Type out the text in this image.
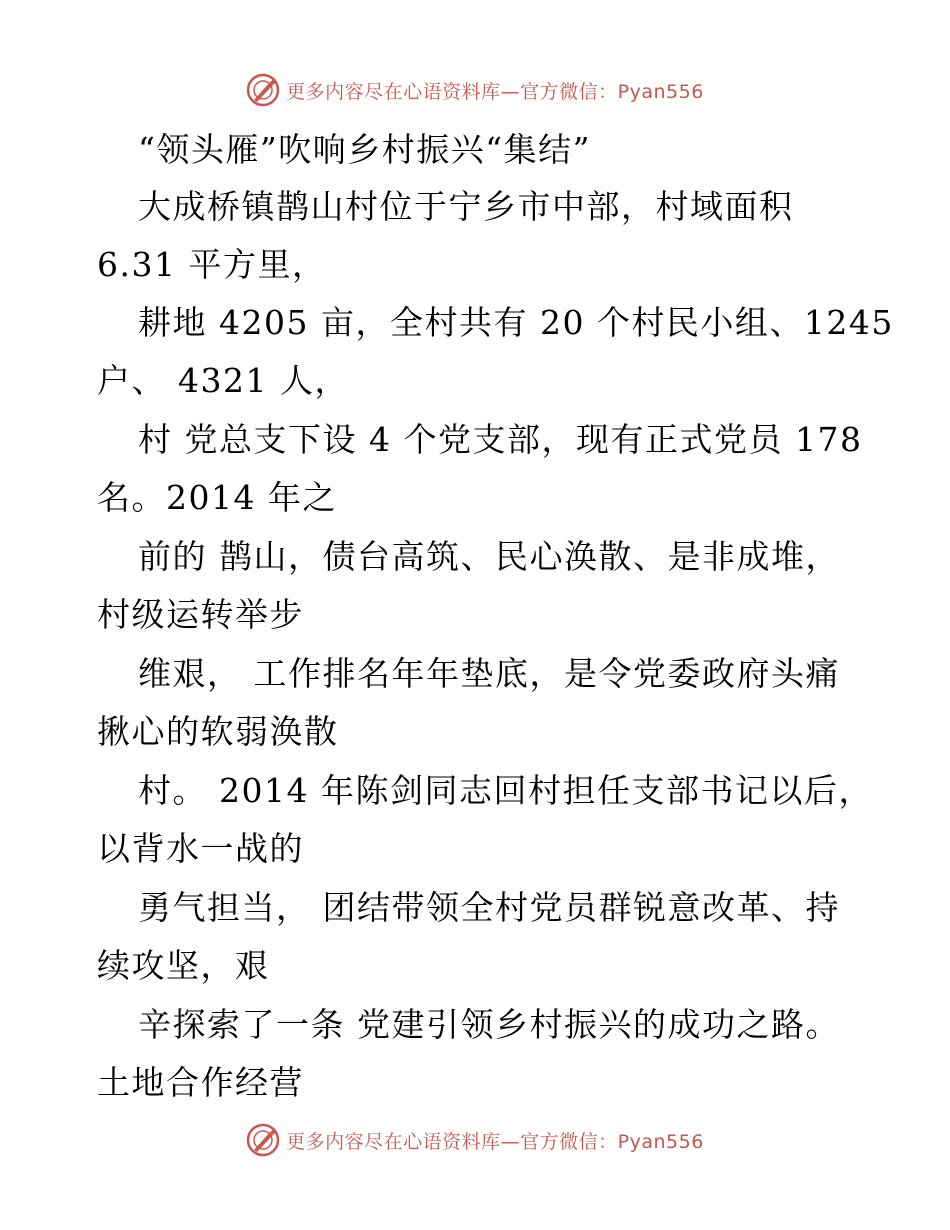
更多内容尽在心语资料库—官方微信：Pyan556
“领头雁”吹响乡村振兴“集结”
大成桥镇鹊山村位于宁乡市中部，村域面积
6.31 平方里，
耕地 4205 亩，全村共有 20 个村民小组、1245
户、 4321 人，
村 党总支下设 4 个党支部，现有正式党员 178
名。2014 年之
前的 鹊山，债台高筑、民心涣散、是非成堆，
村级运转举步
维艰， 工作排名年年垫底，是令党委政府头痛
揪心的软弱涣散
村。 2014 年陈剑同志回村担任支部书记以后，
以背水一战的
勇气担当， 团结带领全村党员群锐意改革、持
续攻坚，艰
辛探索了一条 党建引领乡村振兴的成功之路。
土地合作经营
更多内容尽在心语资料库—官方微信：Pyan556
